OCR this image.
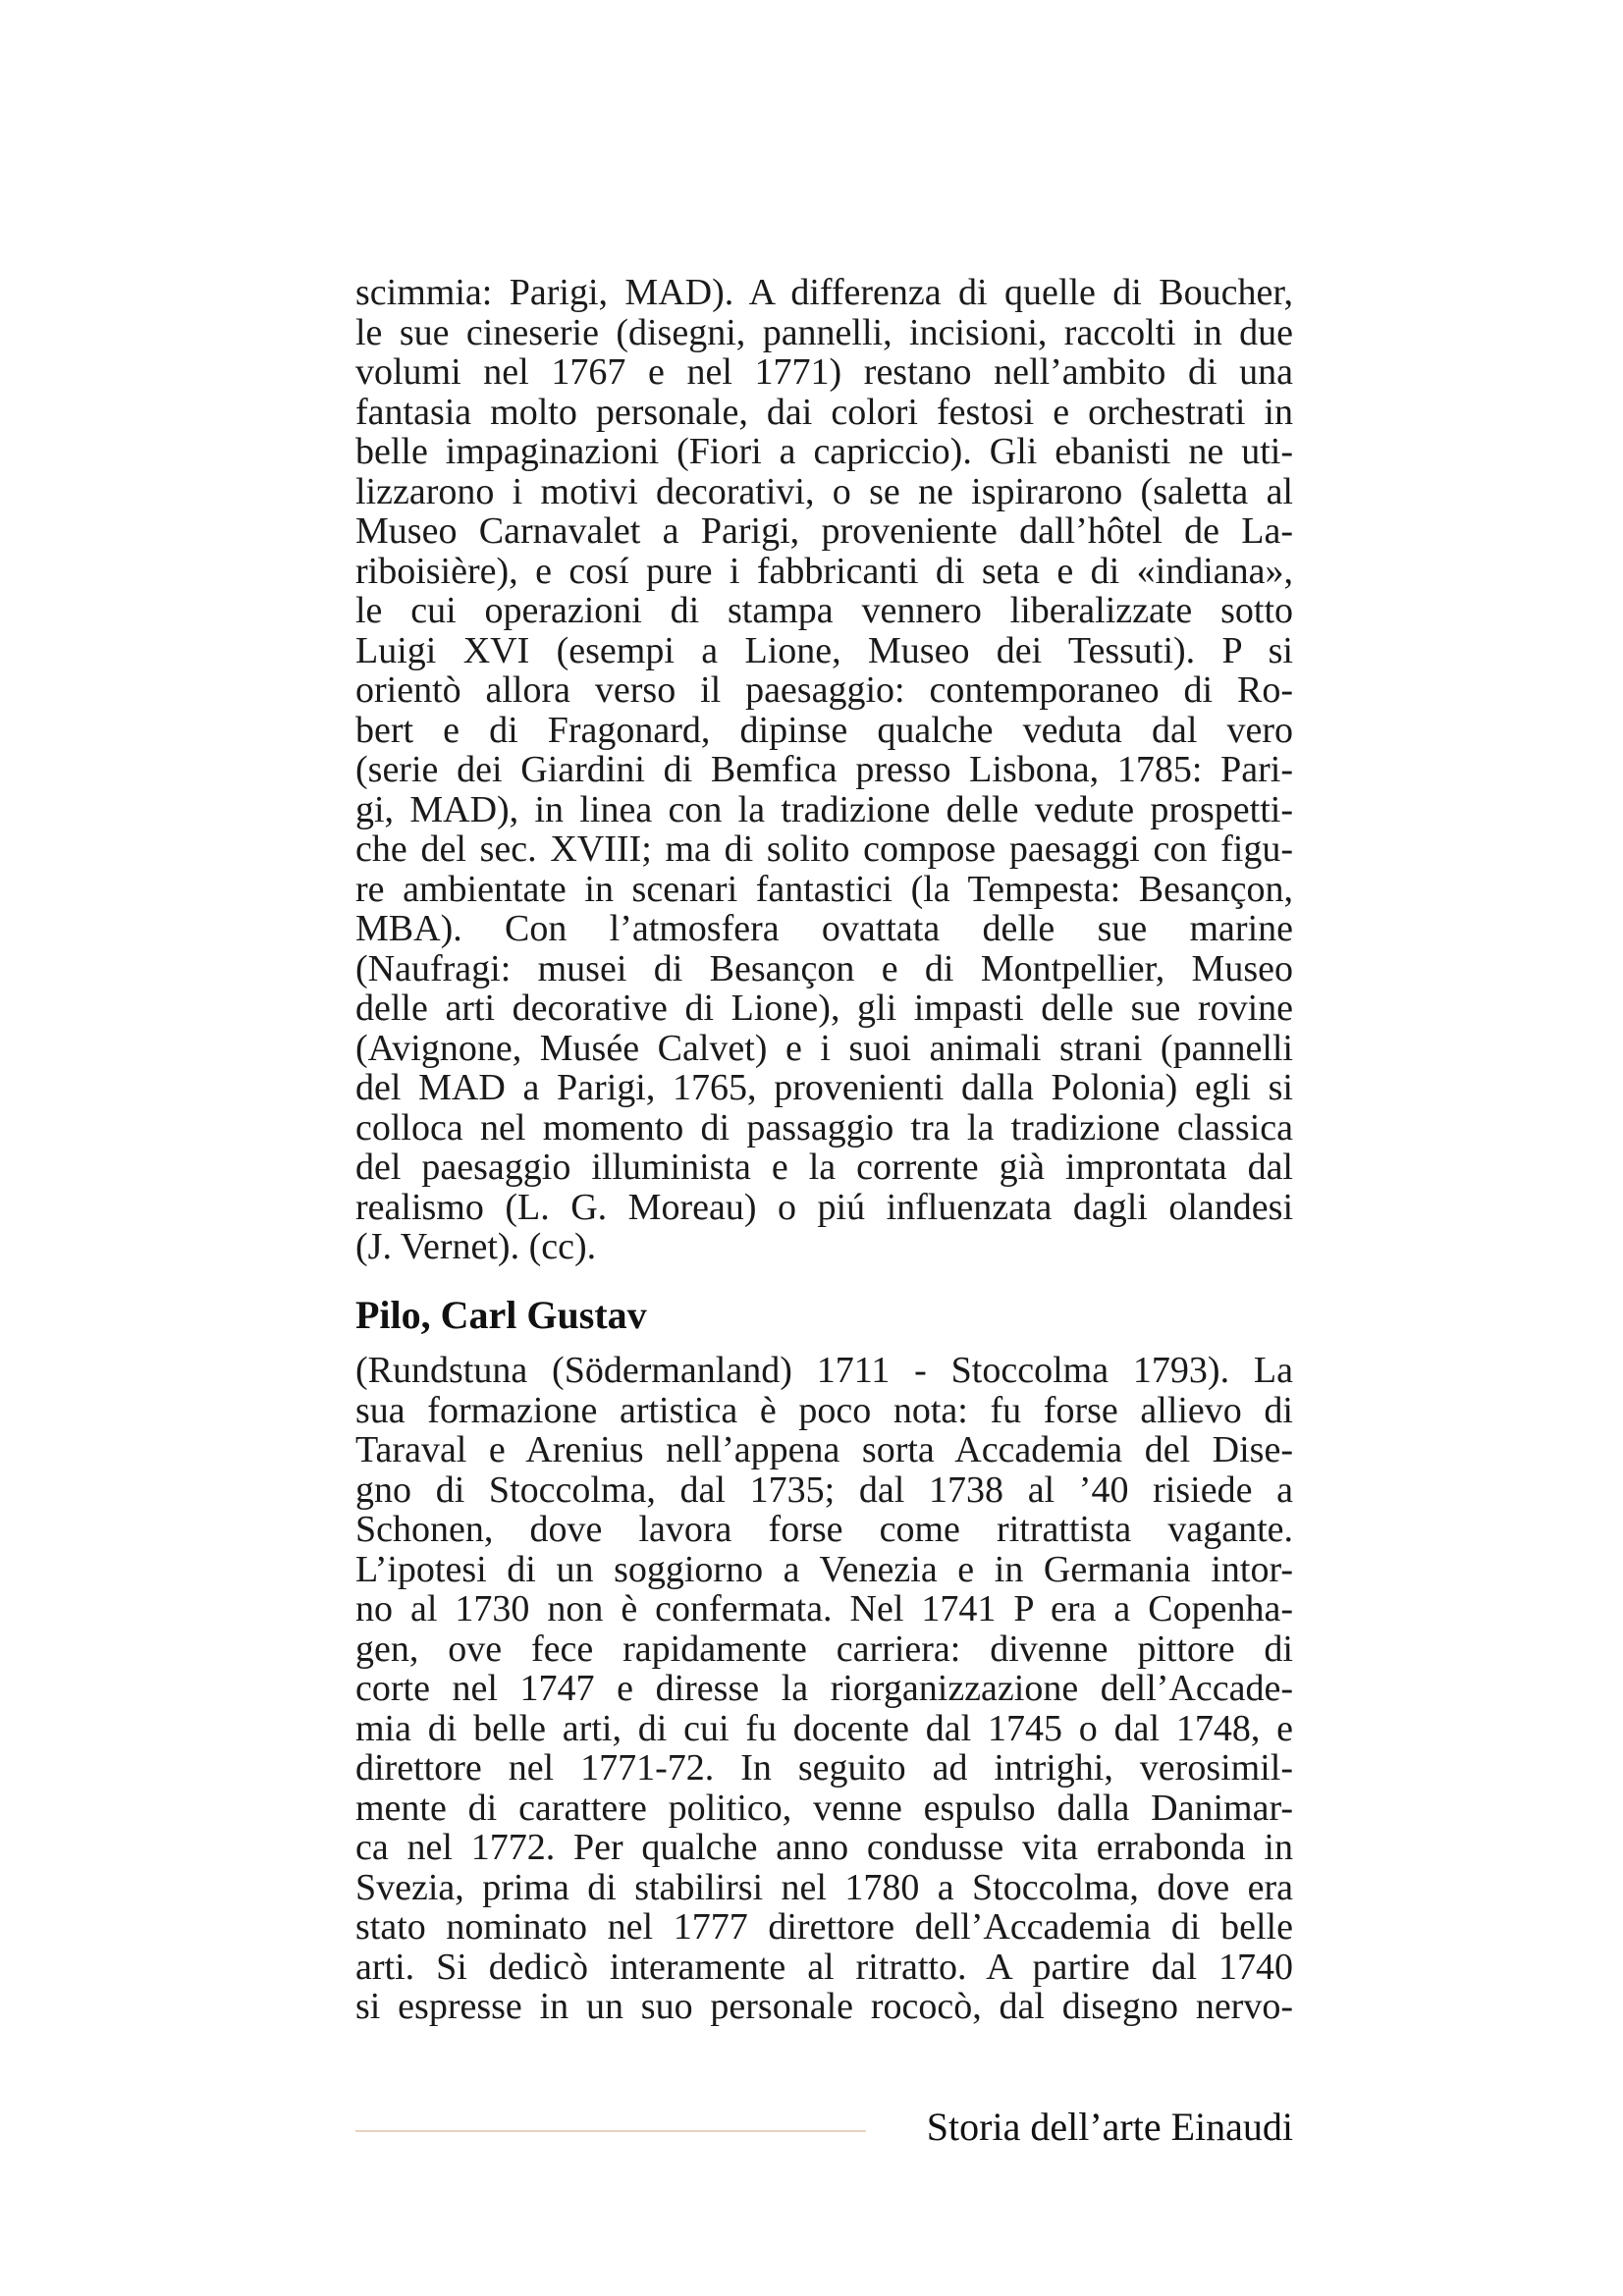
scimmia: Parigi, MAD). A differenza di quelle di Boucher,
le sue cineserie (disegni, pannelli, incisioni, raccolti in due
volumi nel 1767 e nel 1771) restano nell’ambito di una
fantasia molto personale, dai colori festosi e orchestrati in
belle impaginazioni (Fiori a capriccio). Gli ebanisti ne uti-
lizzarono i motivi decorativi, o se ne ispirarono (saletta al
Museo Carnavalet a Parigi, proveniente dall’hôtel de La-
riboisière), e cosí pure i fabbricanti di seta e di «indiana»,
le cui operazioni di stampa vennero liberalizzate sotto
Luigi XVI (esempi a Lione, Museo dei Tessuti). P si
orientò allora verso il paesaggio: contemporaneo di Ro-
bert e di Fragonard, dipinse qualche veduta dal vero
(serie dei Giardini di Bemfica presso Lisbona, 1785: Pari-
gi, MAD), in linea con la tradizione delle vedute prospetti-
che del sec. XVIII; ma di solito compose paesaggi con figu-
re ambientate in scenari fantastici (la Tempesta: Besançon,
MBA). Con l’atmosfera ovattata delle sue marine
(Naufragi: musei di Besançon e di Montpellier, Museo
delle arti decorative di Lione), gli impasti delle sue rovine
(Avignone, Musée Calvet) e i suoi animali strani (pannelli
del MAD a Parigi, 1765, provenienti dalla Polonia) egli si
colloca nel momento di passaggio tra la tradizione classica
del paesaggio illuminista e la corrente già improntata dal
realismo (L. G. Moreau) o piú influenzata dagli olandesi
(J. Vernet). (cc).
Pilo, Carl Gustav
(Rundstuna (Södermanland) 1711 - Stoccolma 1793). La
sua formazione artistica è poco nota: fu forse allievo di
Taraval e Arenius nell’appena sorta Accademia del Dise-
gno di Stoccolma, dal 1735; dal 1738 al ’40 risiede a
Schonen, dove lavora forse come ritrattista vagante.
L’ipotesi di un soggiorno a Venezia e in Germania intor-
no al 1730 non è confermata. Nel 1741 P era a Copenha-
gen, ove fece rapidamente carriera: divenne pittore di
corte nel 1747 e diresse la riorganizzazione dell’Accade-
mia di belle arti, di cui fu docente dal 1745 o dal 1748, e
direttore nel 1771-72. In seguito ad intrighi, verosimil-
mente di carattere politico, venne espulso dalla Danimar-
ca nel 1772. Per qualche anno condusse vita errabonda in
Svezia, prima di stabilirsi nel 1780 a Stoccolma, dove era
stato nominato nel 1777 direttore dell’Accademia di belle
arti. Si dedicò interamente al ritratto. A partire dal 1740
si espresse in un suo personale rococò, dal disegno nervo-
Storia dell’arte Einaudi
